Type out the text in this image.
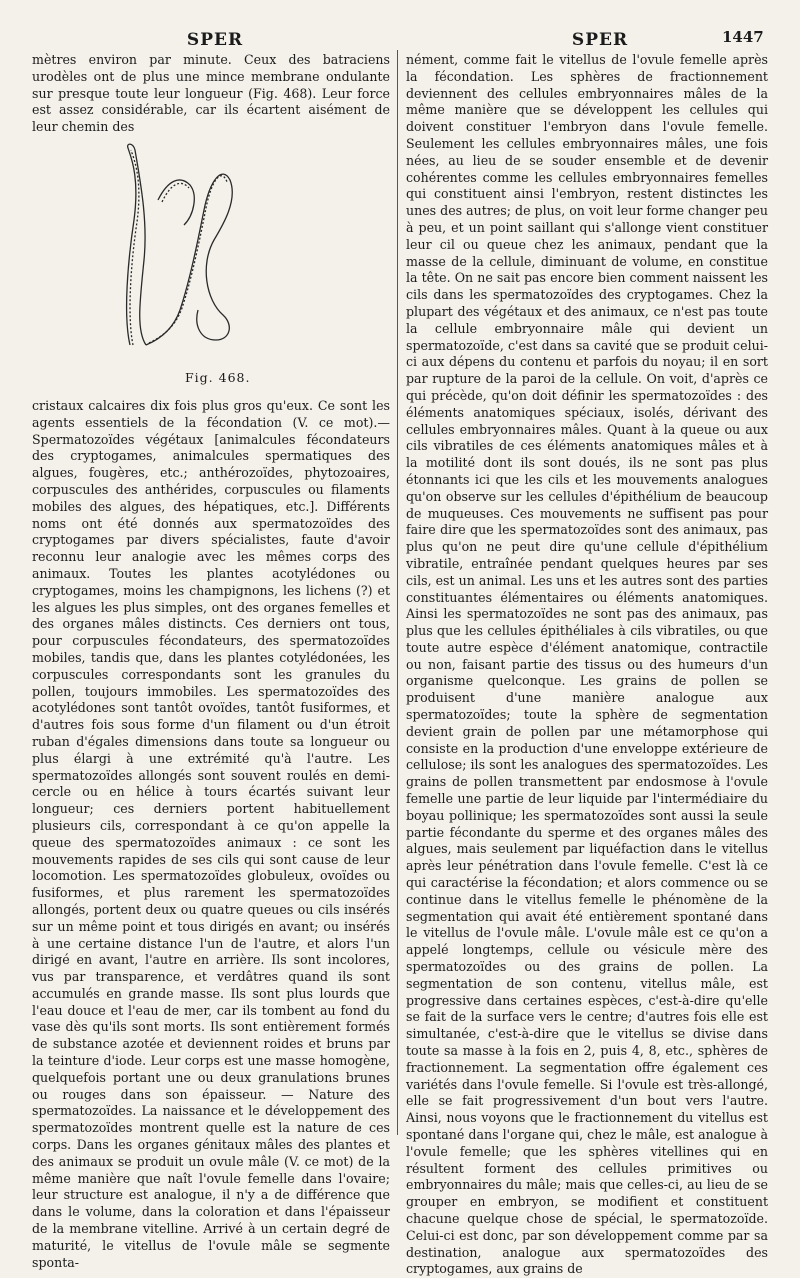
SPER	SPER	1447

mètres environ par minute. Ceux des batraciens urodèles ont de plus une mince membrane ondulante sur presque toute leur longueur (Fig. 468). Leur force est assez considérable, car ils écartent aisément de leur chemin des

cristaux calcaires dix fois plus gros qu'eux. Ce sont les agents essentiels de la fécondation (V. ce mot).—Spermatozoïdes végétaux [animalcules fécondateurs des cryptogames, animalcules spermatiques des algues, fougères, etc.; anthérozoïdes, phytozoaires, corpuscules des anthérides, corpuscules ou filaments mobiles des algues, des hépatiques, etc.]. Différents noms ont été donnés aux spermatozoïdes des cryptogames par divers spécialistes, faute d'avoir reconnu leur analogie avec les mêmes corps des animaux. Toutes les plantes acotylédones ou cryptogames, moins les champignons, les lichens (?) et les algues les plus simples, ont des organes femelles et des organes mâles distincts. Ces derniers ont tous, pour corpuscules fécondateurs, des spermatozoïdes mobiles, tandis que, dans les plantes cotylédonées, les corpuscules correspondants sont les granules du pollen, toujours immobiles. Les spermatozoïdes des acotylédones sont tantôt ovoïdes, tantôt fusiformes, et d'autres fois sous forme d'un filament ou d'un étroit ruban d'égales dimensions dans toute sa longueur ou plus élargi à une extrémité qu'à l'autre. Les spermatozoïdes allongés sont souvent roulés en demi-cercle ou en hélice à tours écartés suivant leur longueur; ces derniers portent habituellement plusieurs cils, correspondant à ce qu'on appelle la queue des spermatozoïdes animaux : ce sont les mouvements rapides de ses cils qui sont cause de leur locomotion. Les spermatozoïdes globuleux, ovoïdes ou fusiformes, et plus rarement les spermatozoïdes allongés, portent deux ou quatre queues ou cils insérés sur un même point et tous dirigés en avant; ou insérés à une certaine distance l'un de l'autre, et alors l'un dirigé en avant, l'autre en arrière. Ils sont incolores, vus par transparence, et verdâtres quand ils sont accumulés en grande masse. Ils sont plus lourds que l'eau douce et l'eau de mer, car ils tombent au fond du vase dès qu'ils sont morts. Ils sont entièrement formés de substance azotée et deviennent roides et bruns par la teinture d'iode. Leur corps est une masse homogène, quelquefois portant une ou deux granulations brunes ou rouges dans son épaisseur. — Nature des spermatozoïdes. La naissance et le développement des spermatozoïdes montrent quelle est la nature de ces corps. Dans les organes génitaux mâles des plantes et des animaux se produit un ovule mâle (V. ce mot) de la même manière que naît l'ovule femelle dans l'ovaire; leur structure est analogue, il n'y a de différence que dans le volume, dans la coloration et dans l'épaisseur de la membrane vitelline. Arrivé à un certain degré de maturité, le vitellus de l'ovule mâle se segmente sponta-

Fig. 468.

nément, comme fait le vitellus de l'ovule femelle après la fécondation. Les sphères de fractionnement deviennent des cellules embryonnaires mâles de la même manière que se développent les cellules qui doivent constituer l'embryon dans l'ovule femelle. Seulement les cellules embryonnaires mâles, une fois nées, au lieu de se souder ensemble et de devenir cohérentes comme les cellules embryonnaires femelles qui constituent ainsi l'embryon, restent distinctes les unes des autres; de plus, on voit leur forme changer peu à peu, et un point saillant qui s'allonge vient constituer leur cil ou queue chez les animaux, pendant que la masse de la cellule, diminuant de volume, en constitue la tête. On ne sait pas encore bien comment naissent les cils dans les spermatozoïdes des cryptogames. Chez la plupart des végétaux et des animaux, ce n'est pas toute la cellule embryonnaire mâle qui devient un spermatozoïde, c'est dans sa cavité que se produit celui-ci aux dépens du contenu et parfois du noyau; il en sort par rupture de la paroi de la cellule. On voit, d'après ce qui précède, qu'on doit définir les spermatozoïdes : des éléments anatomiques spéciaux, isolés, dérivant des cellules embryonnaires mâles. Quant à la queue ou aux cils vibratiles de ces éléments anatomiques mâles et à la motilité dont ils sont doués, ils ne sont pas plus étonnants ici que les cils et les mouvements analogues qu'on observe sur les cellules d'épithélium de beaucoup de muqueuses. Ces mouvements ne suffisent pas pour faire dire que les spermatozoïdes sont des animaux, pas plus qu'on ne peut dire qu'une cellule d'épithélium vibratile, entraînée pendant quelques heures par ses cils, est un animal. Les uns et les autres sont des parties constituantes élémentaires ou éléments anatomiques. Ainsi les spermatozoïdes ne sont pas des animaux, pas plus que les cellules épithéliales à cils vibratiles, ou que toute autre espèce d'élément anatomique, contractile ou non, faisant partie des tissus ou des humeurs d'un organisme quelconque. Les grains de pollen se produisent d'une manière analogue aux spermatozoïdes; toute la sphère de segmentation devient grain de pollen par une métamorphose qui consiste en la production d'une enveloppe extérieure de cellulose; ils sont les analogues des spermatozoïdes. Les grains de pollen transmettent par endosmose à l'ovule femelle une partie de leur liquide par l'intermédiaire du boyau pollinique; les spermatozoïdes sont aussi la seule partie fécondante du sperme et des organes mâles des algues, mais seulement par liquéfaction dans le vitellus après leur pénétration dans l'ovule femelle. C'est là ce qui caractérise la fécondation; et alors commence ou se continue dans le vitellus femelle le phénomène de la segmentation qui avait été entièrement spontané dans le vitellus de l'ovule mâle. L'ovule mâle est ce qu'on a appelé longtemps, cellule ou vésicule mère des spermatozoïdes ou des grains de pollen. La segmentation de son contenu, vitellus mâle, est progressive dans certaines espèces, c'est-à-dire qu'elle se fait de la surface vers le centre; d'autres fois elle est simultanée, c'est-à-dire que le vitellus se divise dans toute sa masse à la fois en 2, puis 4, 8, etc., sphères de fractionnement. La segmentation offre également ces variétés dans l'ovule femelle. Si l'ovule est très-allongé, elle se fait progressivement d'un bout vers l'autre. Ainsi, nous voyons que le fractionnement du vitellus est spontané dans l'organe qui, chez le mâle, est analogue à l'ovule femelle; que les sphères vitellines qui en résultent forment des cellules primitives ou embryonnaires du mâle; mais que celles-ci, au lieu de se grouper en embryon, se modifient et constituent chacune quelque chose de spécial, le spermatozoïde. Celui-ci est donc, par son développement comme par sa destination, analogue aux spermatozoïdes des cryptogames, aux grains de
